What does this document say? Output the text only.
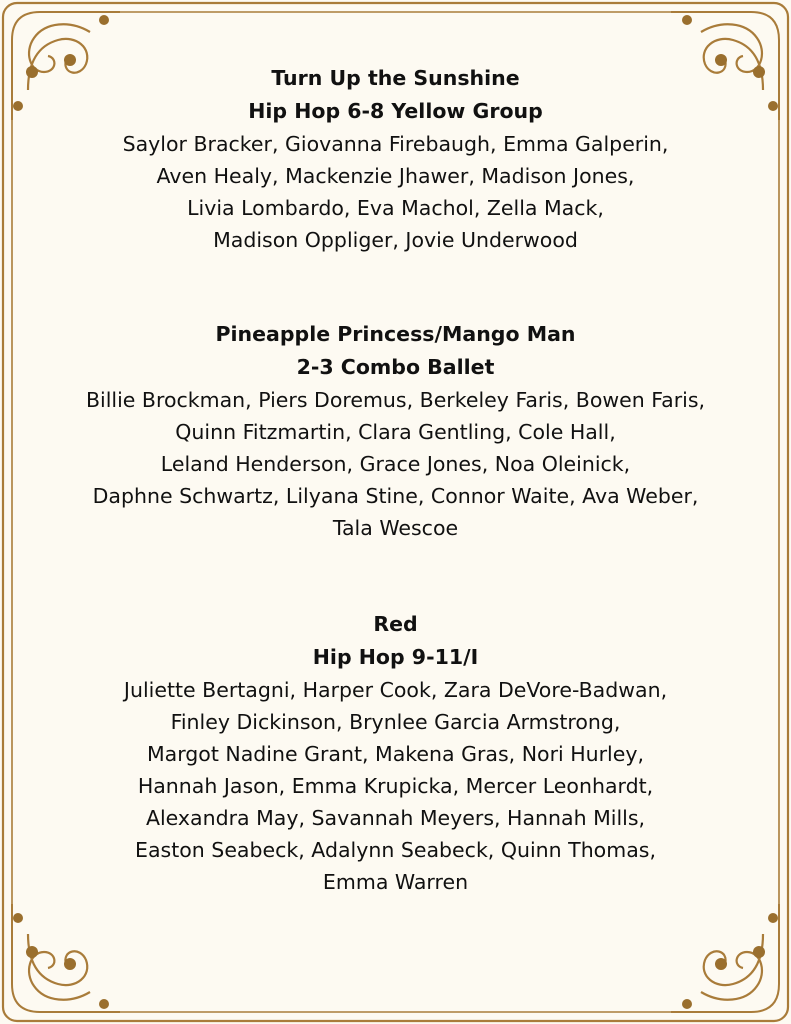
Turn Up the Sunshine

Hip Hop 6-8 Yellow Group

Saylor Bracker, Giovanna Firebaugh, Emma Galperin,
Aven Healy, Mackenzie Jhawer, Madison Jones,
Livia Lombardo, Eva Machol, Zella Mack,
Madison Oppliger, Jovie Underwood

Pineapple Princess/Mango Man

2-3 Combo Ballet

Billie Brockman, Piers Doremus, Berkeley Faris, Bowen Faris,
Quinn Fitzmartin, Clara Gentling, Cole Hall,
Leland Henderson, Grace Jones, Noa Oleinick,
Daphne Schwartz, Lilyana Stine, Connor Waite, Ava Weber,
Tala Wescoe

Red

Hip Hop 9-11/I

Juliette Bertagni, Harper Cook, Zara DeVore-Badwan,
Finley Dickinson, Brynlee Garcia Armstrong,
Margot Nadine Grant, Makena Gras, Nori Hurley,
Hannah Jason, Emma Krupicka, Mercer Leonhardt,
Alexandra May, Savannah Meyers, Hannah Mills,
Easton Seabeck, Adalynn Seabeck, Quinn Thomas,
Emma Warren
